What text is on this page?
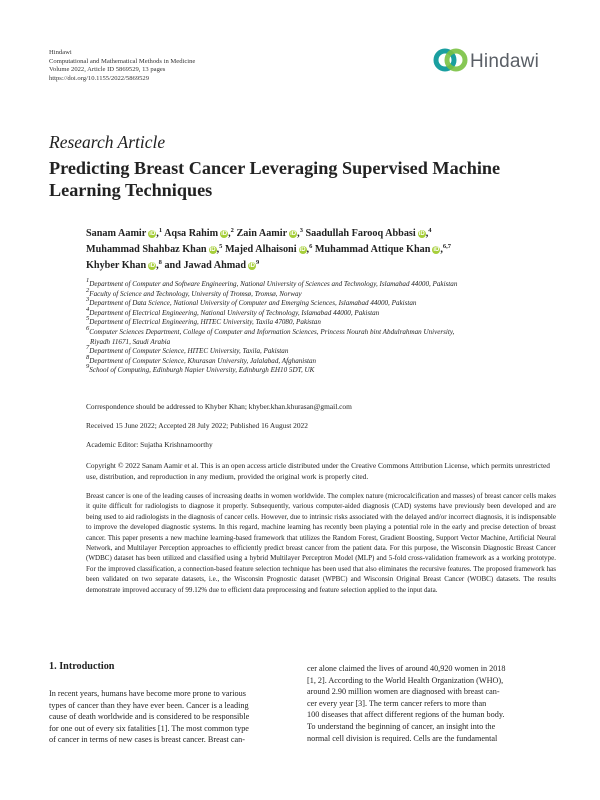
Hindawi
Computational and Mathematical Methods in Medicine
Volume 2022, Article ID 5869529, 13 pages
https://doi.org/10.1155/2022/5869529
Hindawi
Research Article
Predicting Breast Cancer Leveraging Supervised Machine Learning Techniques
Sanam Aamir iD,$^1$ Aqsa Rahim iD,$^2$ Zain Aamir iD,$^3$ Saadullah Farooq Abbasi iD,$^4$
Muhammad Shahbaz Khan iD,$^5$ Majed Alhaisoni iD,$^6$ Muhammad Attique Khan iD,$^{6,7}$
Khyber Khan iD,$^8$ and Jawad Ahmad $iD^9$
$^1$Department of Computer and Software Engineering, National University of Sciences and Technology, Islamabad 44000, Pakistan
$^2$Faculty of Science and Technology, University of Tromsø, Tromsø, Norway
$^3$Department of Data Science, National University of Computer and Emerging Sciences, Islamabad 44000, Pakistan
$^4$Department of Electrical Engineering, National University of Technology, Islamabad 44000, Pakistan
$^5$Department of Electrical Engineering, HITEC University, Taxila 47080, Pakistan
$^6$Computer Sciences Department, College of Computer and Information Sciences, Princess Nourah bint Abdulrahman University,
Riyadh 11671, Saudi Arabia
$^7$Department of Computer Science, HITEC University, Taxila, Pakistan
$^8$Department of Computer Science, Khurasan University, Jalalabad, Afghanistan
$^9$School of Computing, Edinburgh Napier University, Edinburgh EH10 5DT, UK
Correspondence should be addressed to Khyber Khan; khyber.khan.khurasan@gmail.com
Received 15 June 2022; Accepted 28 July 2022; Published 16 August 2022
Academic Editor: Sujatha Krishnamoorthy
Copyright © 2022 Sanam Aamir et al. This is an open access article distributed under the Creative Commons Attribution License, which permits unrestricted use, distribution, and reproduction in any medium, provided the original work is properly cited.
Breast cancer is one of the leading causes of increasing deaths in women worldwide. The complex nature (microcalcification and masses) of breast cancer cells makes it quite difficult for radiologists to diagnose it properly. Subsequently, various computer-aided diagnosis (CAD) systems have previously been developed and are being used to aid radiologists in the diagnosis of cancer cells. However, due to intrinsic risks associated with the delayed and/or incorrect diagnosis, it is indispensable to improve the developed diagnostic systems. In this regard, machine learning has recently been playing a potential role in the early and precise detection of breast cancer. This paper presents a new machine learning-based framework that utilizes the Random Forest, Gradient Boosting, Support Vector Machine, Artificial Neural Network, and Multilayer Perception approaches to efficiently predict breast cancer from the patient data. For this purpose, the Wisconsin Diagnostic Breast Cancer (WDBC) dataset has been utilized and classified using a hybrid Multilayer Perceptron Model (MLP) and 5-fold cross-validation framework as a working prototype. For the improved classification, a connection-based feature selection technique has been used that also eliminates the recursive features. The proposed framework has been validated on two separate datasets, i.e., the Wisconsin Prognostic dataset (WPBC) and Wisconsin Original Breast Cancer (WOBC) datasets. The results demonstrate improved accuracy of 99.12% due to efficient data preprocessing and feature selection applied to the input data.
1. Introduction
In recent years, humans have become more prone to various
types of cancer than they have ever been. Cancer is a leading
cause of death worldwide and is considered to be responsible
for one out of every six fatalities [1]. The most common type
of cancer in terms of new cases is breast cancer. Breast can-
cer alone claimed the lives of around 40,920 women in 2018
[1, 2]. According to the World Health Organization (WHO),
around 2.90 million women are diagnosed with breast can-
cer every year [3]. The term cancer refers to more than
100 diseases that affect different regions of the human body.
To understand the beginning of cancer, an insight into the
normal cell division is required. Cells are the fundamental
